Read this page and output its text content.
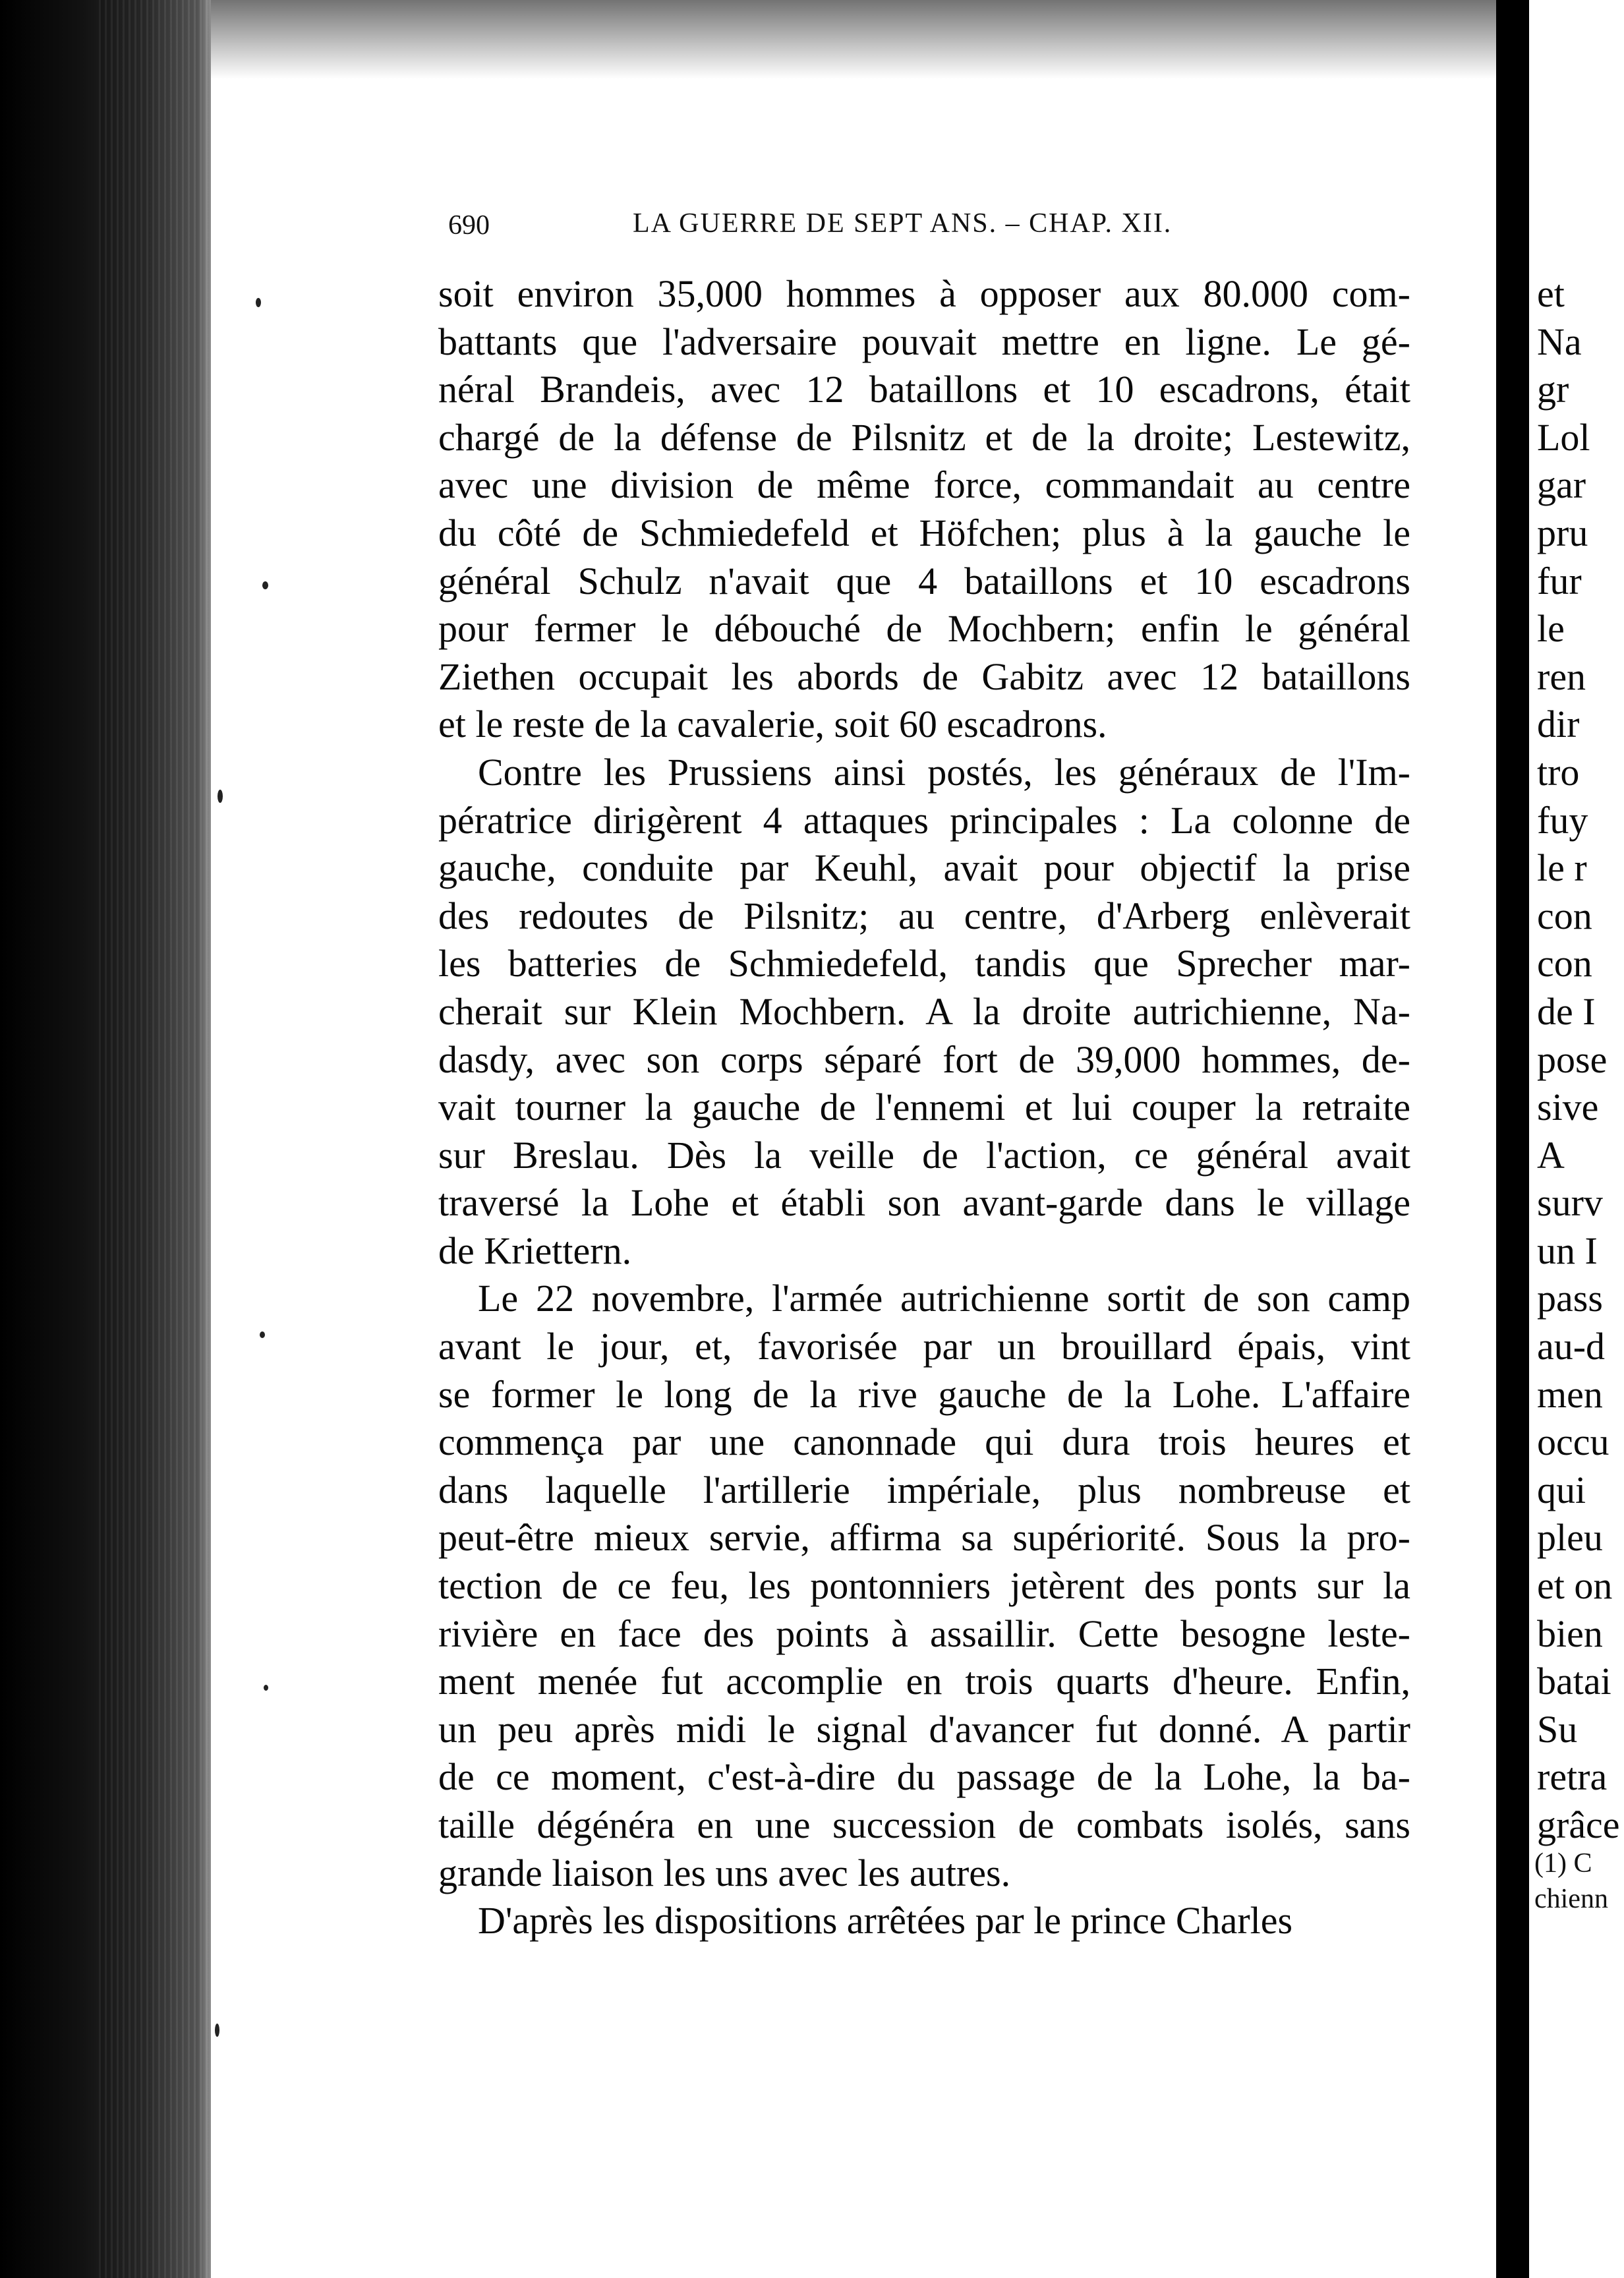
690	LA GUERRE DE SEPT ANS. – CHAP. XII.
soit environ 35,000 hommes à opposer aux 80.000 com-
battants que l'adversaire pouvait mettre en ligne. Le gé-
néral Brandeis, avec 12 bataillons et 10 escadrons, était
chargé de la défense de Pilsnitz et de la droite; Lestewitz,
avec une division de même force, commandait au centre
du côté de Schmiedefeld et Höfchen; plus à la gauche le
général Schulz n'avait que 4 bataillons et 10 escadrons
pour fermer le débouché de Mochbern; enfin le général
Ziethen occupait les abords de Gabitz avec 12 bataillons
et le reste de la cavalerie, soit 60 escadrons.
Contre les Prussiens ainsi postés, les généraux de l'Im-
pératrice dirigèrent 4 attaques principales : La colonne de
gauche, conduite par Keuhl, avait pour objectif la prise
des redoutes de Pilsnitz; au centre, d'Arberg enlèverait
les batteries de Schmiedefeld, tandis que Sprecher mar-
cherait sur Klein Mochbern. A la droite autrichienne, Na-
dasdy, avec son corps séparé fort de 39,000 hommes, de-
vait tourner la gauche de l'ennemi et lui couper la retraite
sur Breslau. Dès la veille de l'action, ce général avait
traversé la Lohe et établi son avant-garde dans le village
de Kriettern.
Le 22 novembre, l'armée autrichienne sortit de son camp
avant le jour, et, favorisée par un brouillard épais, vint
se former le long de la rive gauche de la Lohe. L'affaire
commença par une canonnade qui dura trois heures et
dans laquelle l'artillerie impériale, plus nombreuse et
peut-être mieux servie, affirma sa supériorité. Sous la pro-
tection de ce feu, les pontonniers jetèrent des ponts sur la
rivière en face des points à assaillir. Cette besogne leste-
ment menée fut accomplie en trois quarts d'heure. Enfin,
un peu après midi le signal d'avancer fut donné. A partir
de ce moment, c'est-à-dire du passage de la Lohe, la ba-
taille dégénéra en une succession de combats isolés, sans
grande liaison les uns avec les autres.
D'après les dispositions arrêtées par le prince Charles
et
Na
gr
Lol
gar
pru
fur
le
ren
dir
tro
fuy
le r
con
con
de I
pose
sive
A
surv
un I
pass
au-d
men
occu
qui
pleu
et on
bien
batai
Su
retra
grâce
(1) C
chienn
